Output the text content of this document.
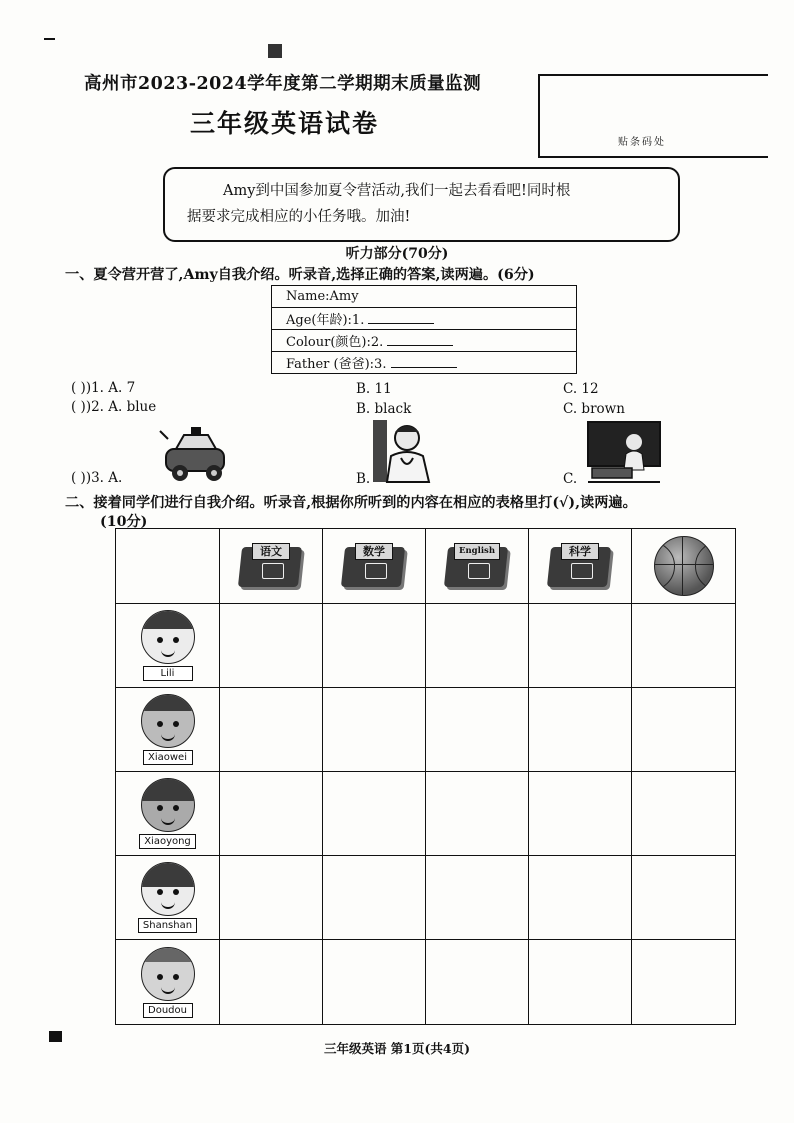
高州市2023-2024学年度第二学期期末质量监测
三年级英语试卷
贴条码处
Amy到中国参加夏令营活动,我们一起去看看吧!同时根
据要求完成相应的小任务哦。加油!
听力部分(70分)
一、夏令营开营了,Amy自我介绍。听录音,选择正确的答案,读两遍。(6分)
Name:Amy
Age(年龄):1.
Colour(颜色):2.
Father (爸爸):3.
( ))1. A. 7	B. 11	C. 12
( ))2. A. blue	B. black	C. brown
( ))3. A.	B.	C.
二、接着同学们进行自我介绍。听录音,根据你所听到的内容在相应的表格里打(√),读两遍。
(10分)

	语文	数学	English	科学	

Lili					

Xiaowei					

Xiaoyong					

Shanshan					

Doudou					

三年级英语 第1页(共4页)
